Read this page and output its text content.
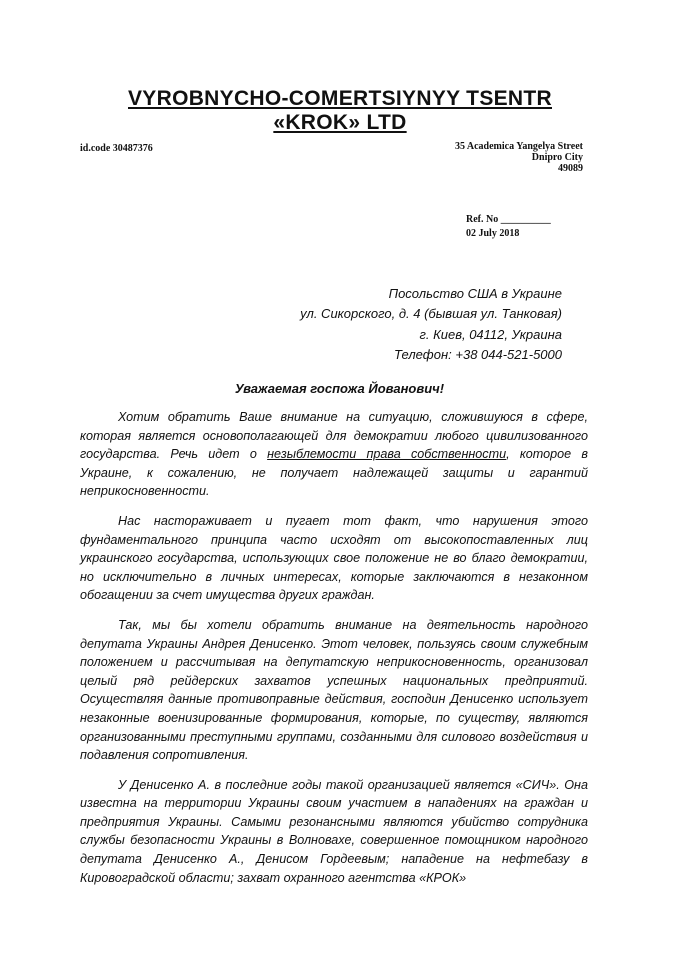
VYROBNYCHO-COMERTSIYNYY TSENTR
«KROK» LTD
id.code 30487376	35 Academica Yangelya Street
Dnipro City
49089
Ref. No __________
02 July 2018
Посольство США в Украине
ул. Сикорского, д. 4 (бывшая ул. Танковая)
г. Киев, 04112, Украина
Телефон: +38 044-521-5000
Уважаемая госпожа Йованович!

Хотим обратить Ваше внимание на ситуацию, сложившуюся в сфере, которая является основополагающей для демократии любого цивилизованного государства. Речь идет о незыблемости права собственности, которое в Украине, к сожалению, не получает надлежащей защиты и гарантий неприкосновенности.

Нас настораживает и пугает тот факт, что нарушения этого фундаментального принципа часто исходят от высокопоставленных лиц украинского государства, использующих свое положение не во благо демократии, но исключительно в личных интересах, которые заключаются в незаконном обогащении за счет имущества других граждан.

Так, мы бы хотели обратить внимание на деятельность народного депутата Украины Андрея Денисенко. Этот человек, пользуясь своим служебным положением и рассчитывая на депутатскую неприкосновенность, организовал целый ряд рейдерских захватов успешных национальных предприятий. Осуществляя данные противоправные действия, господин Денисенко использует незаконные военизированные формирования, которые, по существу, являются организованными преступными группами, созданными для силового воздействия и подавления сопротивления.

У Денисенко А. в последние годы такой организацией является «СИЧ». Она известна на территории Украины своим участием в нападениях на граждан и предприятия Украины. Самыми резонансными являются убийство сотрудника службы безопасности Украины в Волновахе, совершенное помощником народного депутата Денисенко А., Денисом Гордеевым; нападение на нефтебазу в Кировоградской области; захват охранного агентства «КРОК»
